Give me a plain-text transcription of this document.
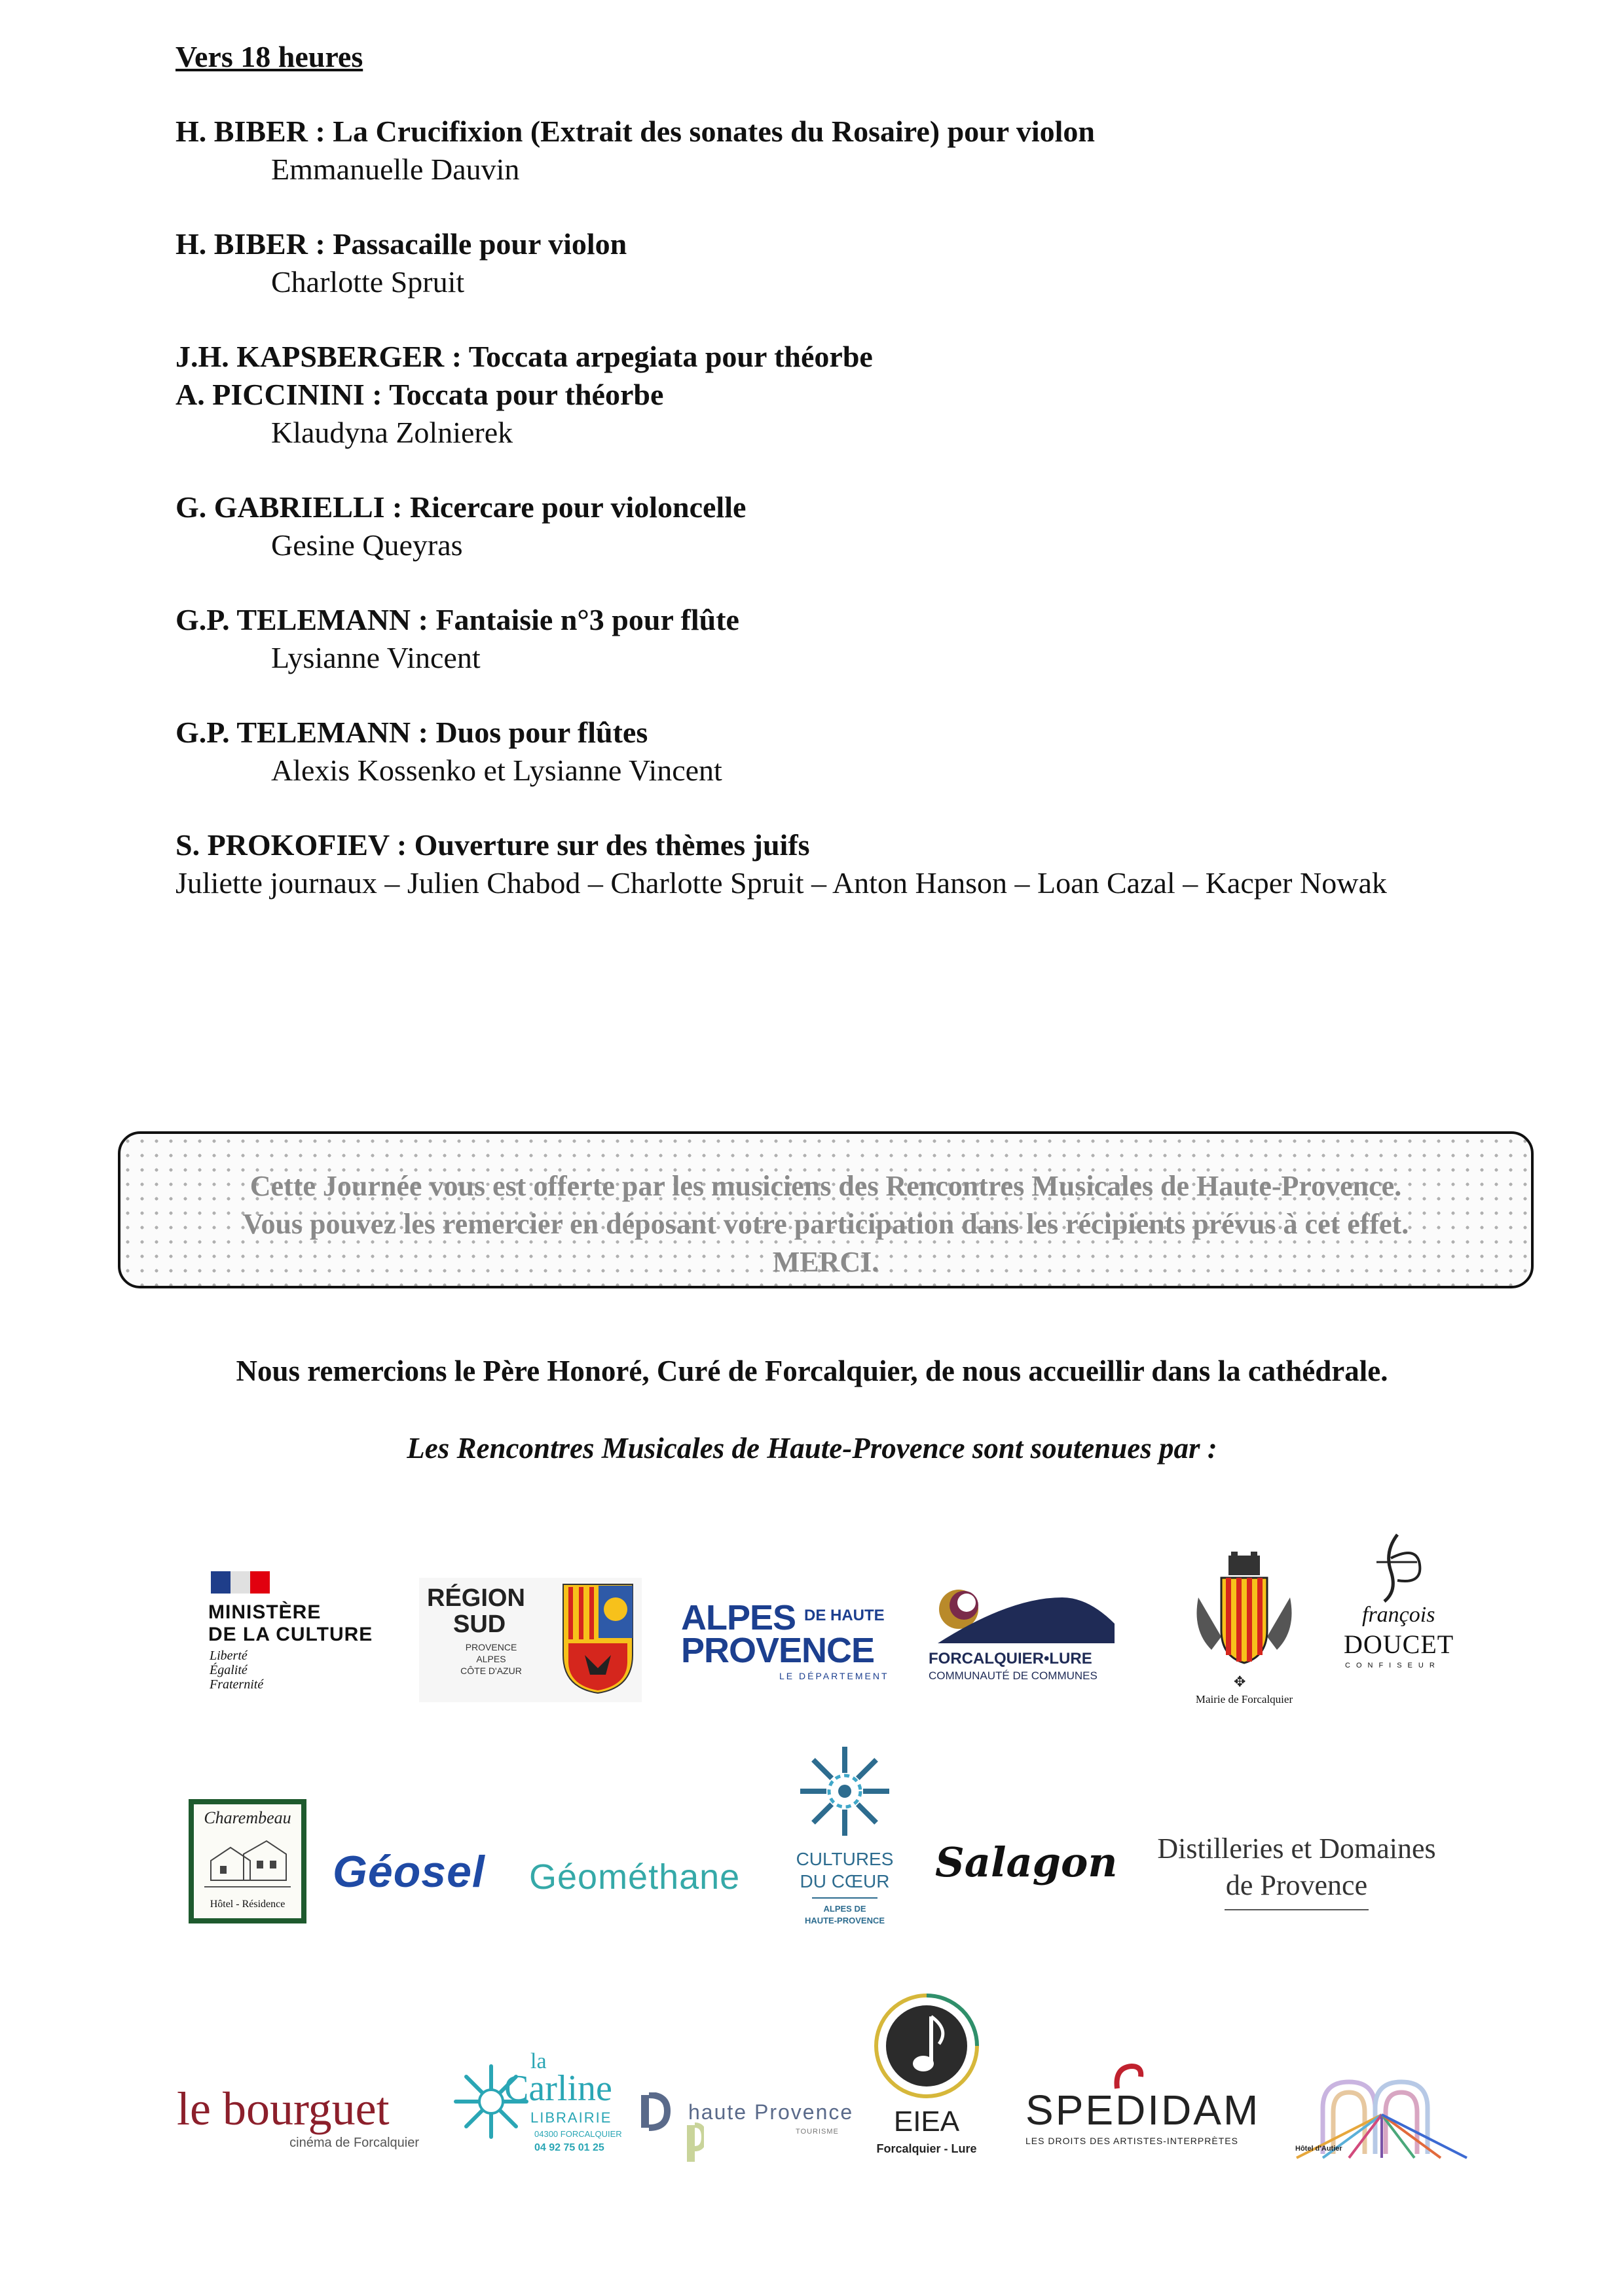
Vers 18 heures
H. BIBER : La Crucifixion (Extrait des sonates du Rosaire) pour violon
Emmanuelle Dauvin
H. BIBER : Passacaille pour violon
Charlotte Spruit
J.H. KAPSBERGER : Toccata arpegiata pour théorbe
A. PICCININI : Toccata pour théorbe
Klaudyna Zolnierek
G. GABRIELLI : Ricercare pour violoncelle
Gesine Queyras
G.P. TELEMANN : Fantaisie n°3 pour flûte
Lysianne Vincent
G.P. TELEMANN : Duos pour flûtes
Alexis Kossenko et Lysianne Vincent
S. PROKOFIEV : Ouverture sur des thèmes juifs
Juliette journaux – Julien Chabod – Charlotte Spruit – Anton Hanson – Loan Cazal – Kacper Nowak
Cette Journée vous est offerte par les musiciens des Rencontres Musicales de Haute-Provence.
Vous pouvez les remercier en déposant votre participation dans les récipients prévus à cet effet.
MERCI.
Nous remercions le Père Honoré, Curé de Forcalquier, de nous accueillir dans la cathédrale.
Les Rencontres Musicales de Haute-Provence sont soutenues par :
MINISTÈRE
DE LA CULTURE
Liberté
Égalité
Fraternité
RÉGION
SUD
PROVENCE
ALPES
CÔTE D'AZUR
ALPES DE HAUTE
PROVENCE
LE DÉPARTEMENT
FORCALQUIER•LURE
COMMUNAUTÉ DE COMMUNES	✥
Mairie de Forcalquier
françois
DOUCET
CONFISEUR
Charembeau
Hôtel - Résidence
Géosel	Géométhane	CULTURES
DU CŒUR
ALPES DE
HAUTE-PROVENCE
Salagon	Distilleries et Domaines
de Provence
le bourguet
cinéma de Forcalquier
la
Carline
LIBRAIRIE
04300 FORCALQUIER
04 92 75 01 25
haute Provence
TOURISME	EIEA
Forcalquier - Lure
SPEDIDAM
LES DROITS DES ARTISTES-INTERPRÈTES
Hôtel d'Autier
